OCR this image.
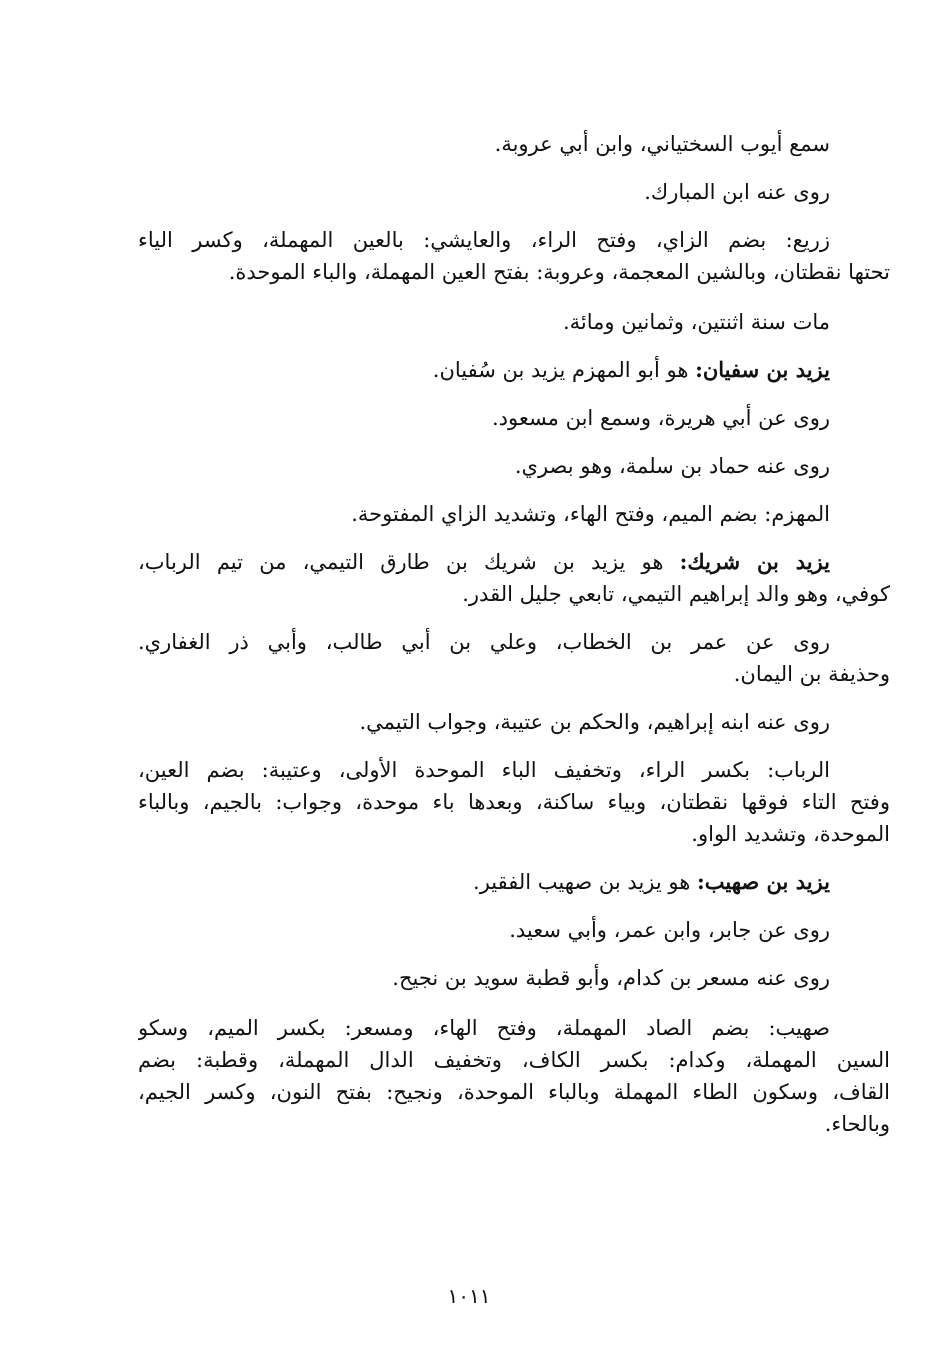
سمع أيوب السختياني، وابن أبي عروبة.
روى عنه ابن المبارك.
زريع: بضم الزاي، وفتح الراء، والعايشي: بالعين المهملة، وكسر الياء
تحتها نقطتان، وبالشين المعجمة، وعروبة: بفتح العين المهملة، والباء الموحدة.
مات سنة اثنتين، وثمانين ومائة.
يزيد بن سفيان: هو أبو المهزم يزيد بن سُفيان.
روى عن أبي هريرة، وسمع ابن مسعود.
روى عنه حماد بن سلمة، وهو بصري.
المهزم: بضم الميم، وفتح الهاء، وتشديد الزاي المفتوحة.
يزيد بن شريك: هو يزيد بن شريك بن طارق التيمي، من تيم الرباب،
كوفي، وهو والد إبراهيم التيمي، تابعي جليل القدر.
روى عن عمر بن الخطاب، وعلي بن أبي طالب، وأبي ذر الغفاري.
وحذيفة بن اليمان.
روى عنه ابنه إبراهيم، والحكم بن عتيبة، وجواب التيمي.
الرباب: بكسر الراء، وتخفيف الباء الموحدة الأولى، وعتيبة: بضم العين،
وفتح التاء فوقها نقطتان، وبياء ساكنة، وبعدها باء موحدة، وجواب: بالجيم، وبالباء
الموحدة، وتشديد الواو.
يزيد بن صهيب: هو يزيد بن صهيب الفقير.
روى عن جابر، وابن عمر، وأبي سعيد.
روى عنه مسعر بن كدام، وأبو قطبة سويد بن نجيح.
صهيب: بضم الصاد المهملة، وفتح الهاء، ومسعر: بكسر الميم، وسكو
السين المهملة، وكدام: بكسر الكاف، وتخفيف الدال المهملة، وقطبة: بضم
القاف، وسكون الطاء المهملة وبالباء الموحدة، ونجيح: بفتح النون، وكسر الجيم،
وبالحاء.
١٠١١
